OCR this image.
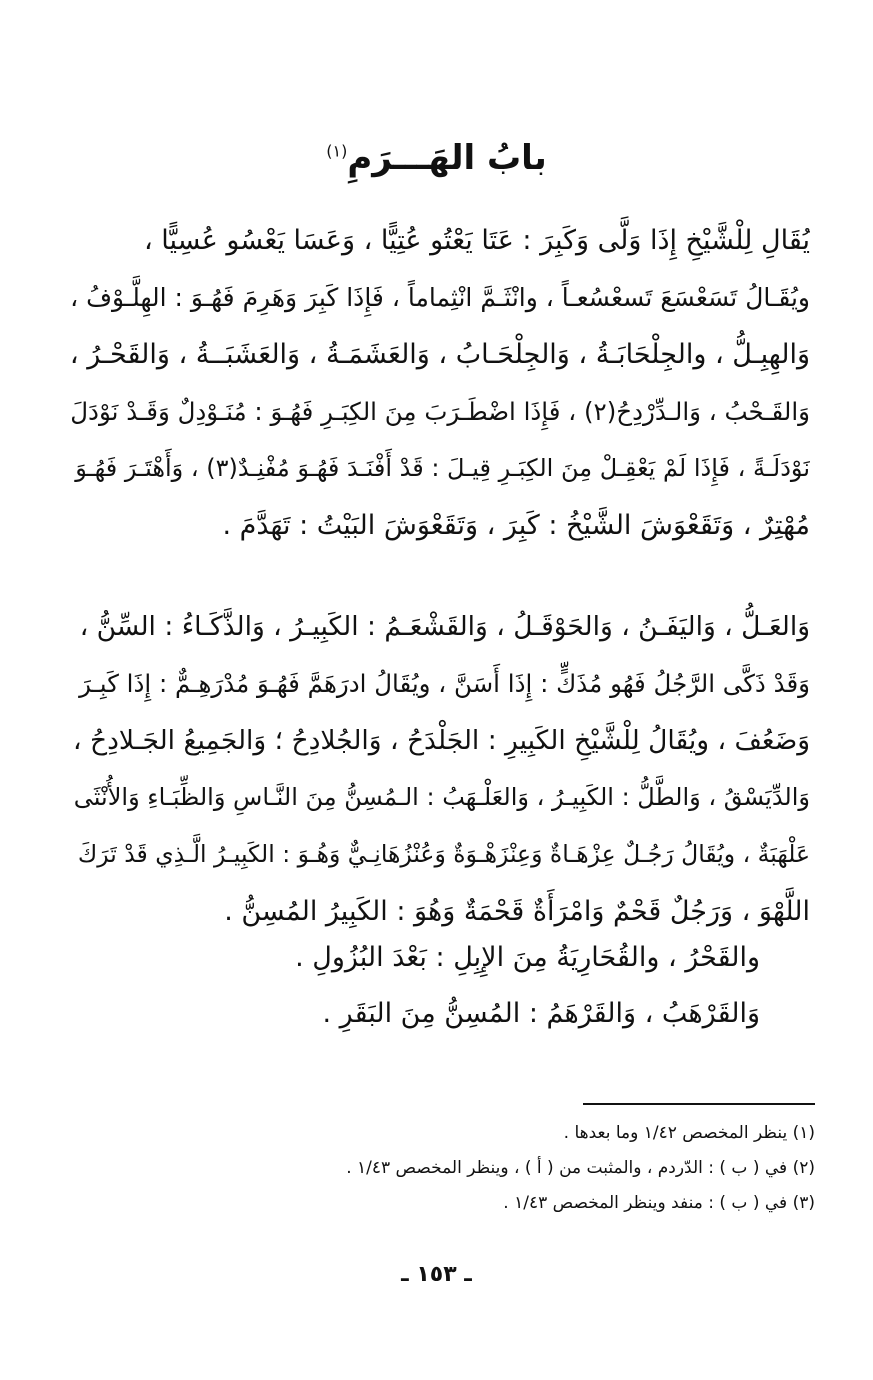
بابُ الهَـــرَمِ$^{(١)}$
يُقَالِ لِلْشَّيْخِ إِذَا وَلَّى وَكَبِرَ : عَتَا يَعْتُو عُتِيًّا ، وَعَسَا يَعْسُو عُسِيًّا ،
ويُقَـالُ تَسَعْسَعَ تَسعْسُعـاً ، وانْثَـمَّ انْثِماماً ، فَإِذَا كَبِرَ وَهَرِمَ فَهُـوَ : الهِلَّـوْفُ ،
وَالهِبِـلُّ ، والجِلْحَابَـةُ ، وَالجِلْحَـابُ ، وَالعَشَمَـةُ ، وَالعَشَبَــةُ ، وَالقَحْـرُ ،
وَالقَـحْبُ ، وَالـدِّرْدِحُ(٢) ، فَإِذَا اضْطَـرَبَ مِنَ الكِبَـرِ فَهُـوَ : مُنَـوْدِلٌ وَقَـدْ نَوْدَلَ
نَوْدَلَـةً ، فَإِذَا لَمْ يَعْقِـلْ مِنَ الكِبَـرِ قِيـلَ : قَدْ أَفْنَـدَ فَهُـوَ مُفْنِـدٌ(٣) ، وَأَهْتَـرَ فَهُـوَ
مُهْتِرٌ ، وَتَقَعْوَشَ الشَّيْخُ : كَبِرَ ، وَتَقَعْوَشَ البَيْتُ : تَهَدَّمَ .
وَالعَـلُّ ، وَاليَفَـنُ ، وَالحَوْقَـلُ ، وَالقَشْعَـمُ : الكَبِيـرُ ، وَالذَّكَـاءُ : السِّنُّ ،
وَقَدْ ذَكَّى الرَّجُلُ فَهُو مُذَكٍّ : إِذَا أَسَنَّ ، ويُقَالُ ادرَهَمَّ فَهُـوَ مُدْرَهِـمٌّ : إِذَا كَبِـرَ
وَضَعُفَ ، ويُقَالُ لِلْشَّيْخِ الكَبِيرِ : الجَلْدَحُ ، وَالجُلادِحُ ؛ وَالجَمِيعُ الجَـلادِحُ ،
وَالدِّيَسْقُ ، وَالطَّلُّ : الكَبِيـرُ ، وَالعَلْـهَبُ : الـمُسِنُّ مِنَ النَّـاسِ وَالظِّبَـاءِ وَالأُنْثَى
عَلْهَبَةٌ ، ويُقَالُ رَجُـلٌ عِزْهَـاةٌ وَعِنْزَهْـوَةٌ وَعُنْزُهَانِـيٌّ وَهُـوَ : الكَبِيـرُ الَّـذِي قَدْ تَرَكَ
اللَّهْوَ ، وَرَجُلٌ قَحْمٌ وَامْرَأَةٌ قَحْمَةٌ وَهُوَ : الكَبِيرُ المُسِنُّ .
والقَحْرُ ، والقُحَارِيَةُ مِنَ الإِبِلِ : بَعْدَ البُزُولِ .
وَالقَرْهَبُ ، وَالقَرْهَمُ : المُسِنُّ مِنَ البَقَرِ .
(١) ينظر المخصص ١/٤٢ وما بعدها .
(٢) في ( ب ) : الدّردم ، والمثبت من ( أ ) ، وينظر المخصص ١/٤٣ .
(٣) في ( ب ) : منفد وينظر المخصص ١/٤٣ .
ـ ١٥٣ ـ
